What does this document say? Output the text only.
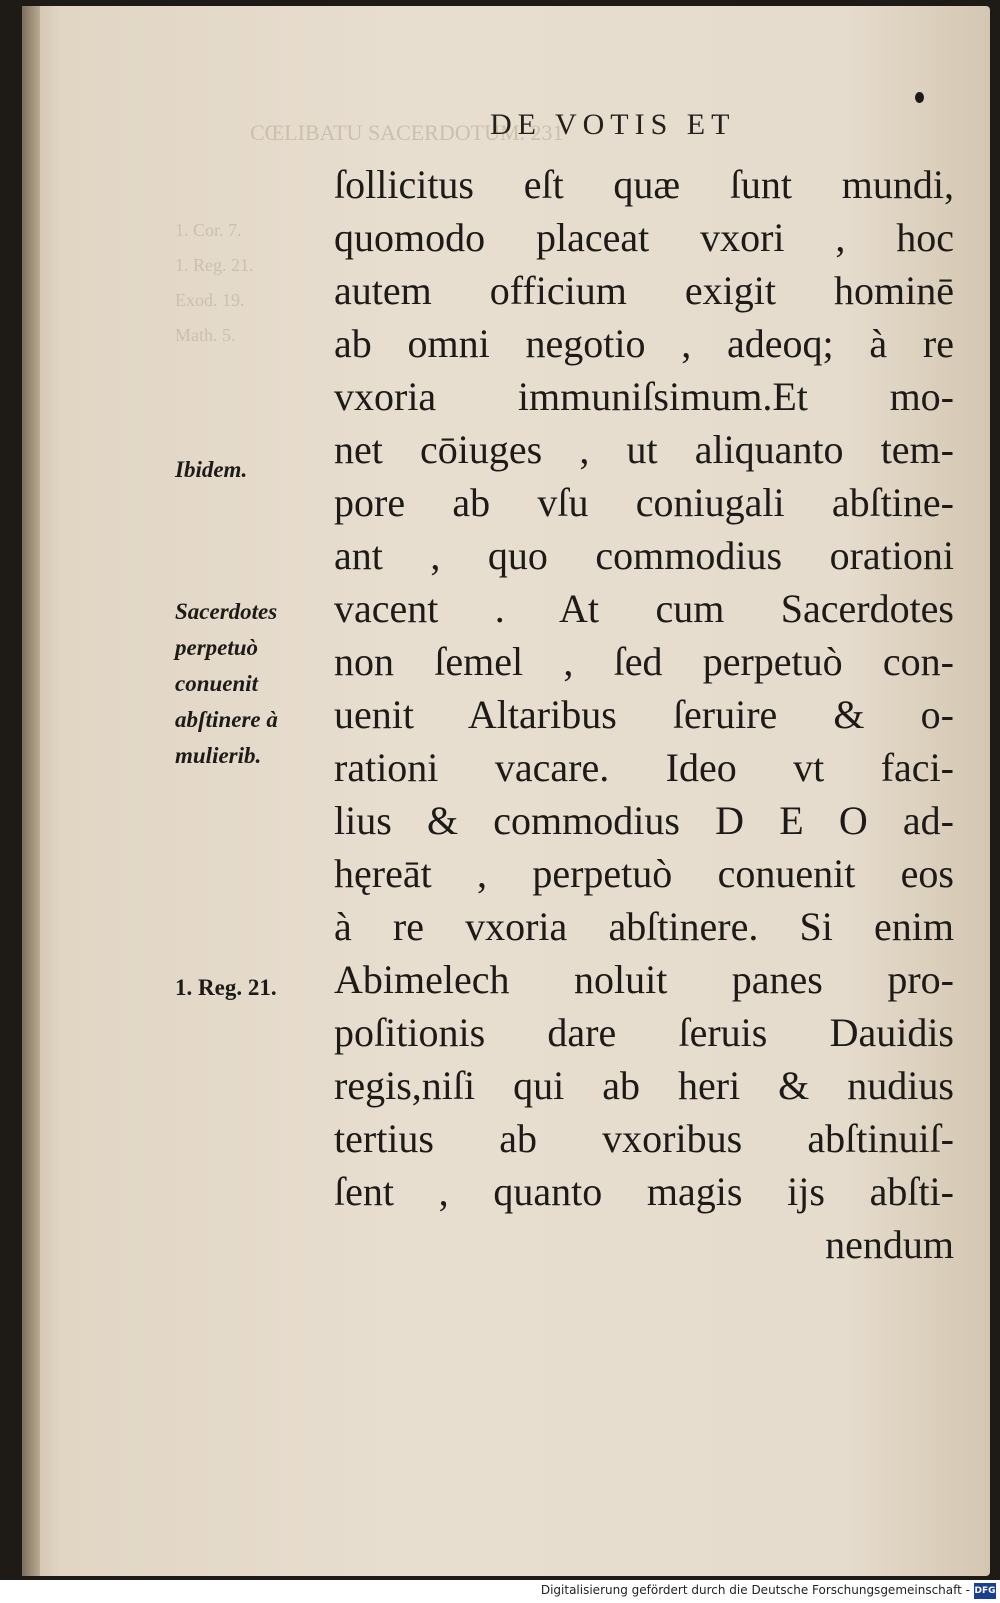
CŒLIBATU SACERDOTUM. 231
1. Cor. 7.
1. Reg. 21.
Exod. 19.
Math. 5.
DE VOTIS ET
ſollicitus eſt quæ ſunt mundi,
quomodo placeat vxori , hoc
autem officium exigit hominē
ab omni negotio , adeoq; à re
vxoria immuniſsimum.Et mo-
net cōiuges , ut aliquanto tem-
pore ab vſu coniugali abſtine-
ant , quo commodius orationi
vacent . At cum Sacerdotes
non ſemel , ſed perpetuò con-
uenit Altaribus ſeruire & o-
rationi vacare. Ideo vt faci-
lius & commodius D E O ad-
hęreāt , perpetuò conuenit eos
à re vxoria abſtinere. Si enim
Abimelech noluit panes pro-
poſitionis dare ſeruis Dauidis
regis,niſi qui ab heri & nudius
tertius ab vxoribus abſtinuiſ-
ſent , quanto magis ijs abſti-
nendum
Ibidem.
Sacerdotes
perpetuò
conuenit
abſtinere à
mulierib.
1. Reg. 21.
Digitalisierung gefördert durch die Deutsche Forschungsgemeinschaft - DFG
